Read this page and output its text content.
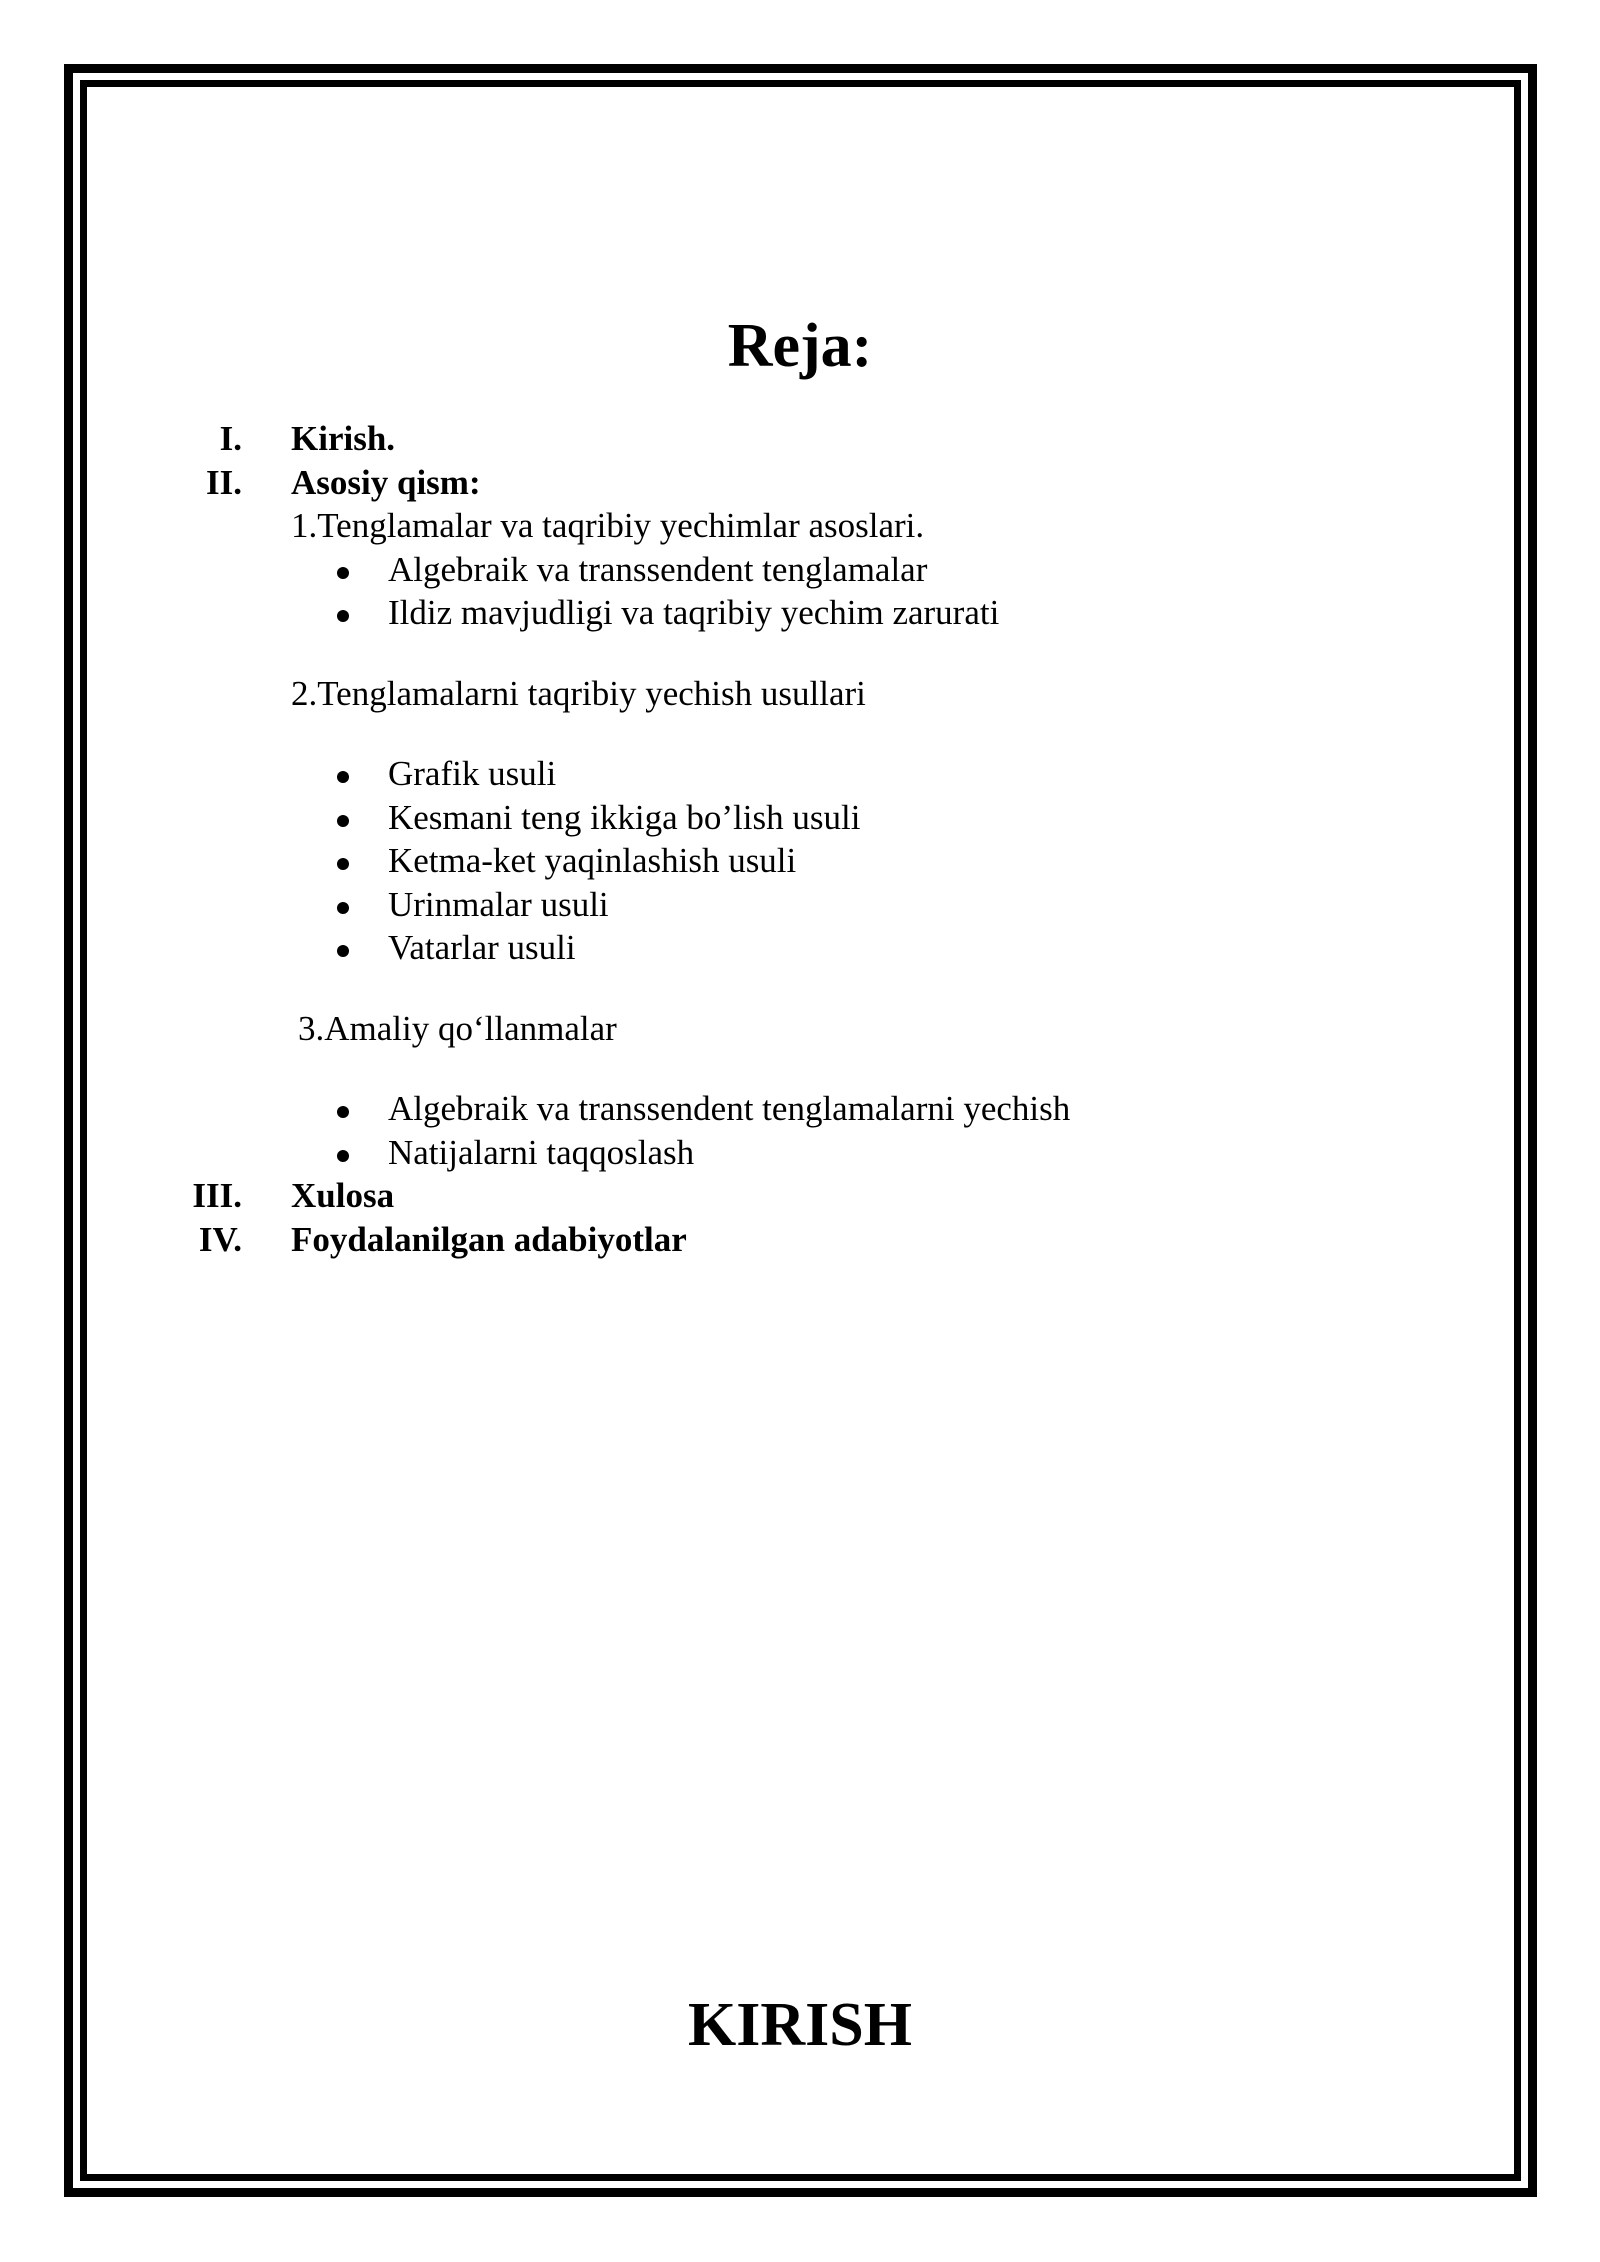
Reja:
I. Kirish.
II. Asosiy qism:
1.Tenglamalar va taqribiy yechimlar asoslari.
Algebraik va transsendent tenglamalar
Ildiz mavjudligi va taqribiy yechim zarurati
2.Tenglamalarni taqribiy yechish usullari
Grafik usuli
Kesmani teng ikkiga bo’lish usuli
Ketma-ket yaqinlashish usuli
Urinmalar usuli
Vatarlar usuli
3.Amaliy qo‘llanmalar
Algebraik va transsendent tenglamalarni yechish
Natijalarni taqqoslash
III. Xulosa
IV. Foydalanilgan adabiyotlar
KIRISH
